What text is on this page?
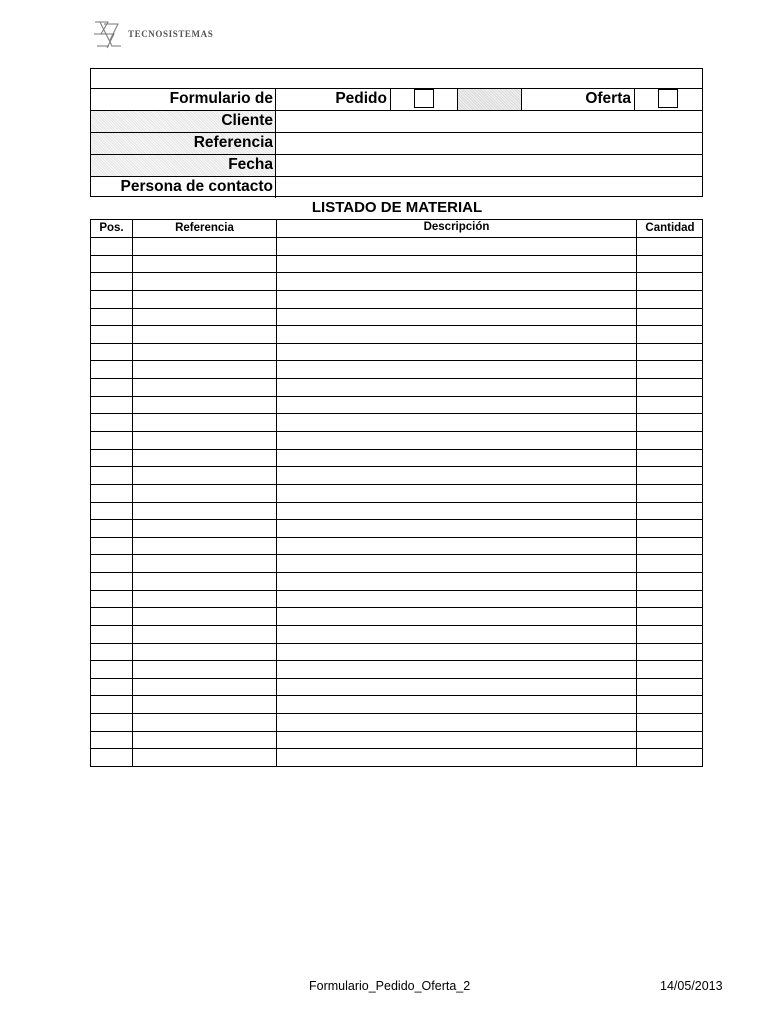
TECNOSISTEMAS
Formulario de	Pedido	Oferta
Cliente
Referencia
Fecha
Persona de contacto
LISTADO DE MATERIAL
Pos.	Referencia	Descripción	Cantidad
Formulario_Pedido_Oferta_2	14/05/2013
